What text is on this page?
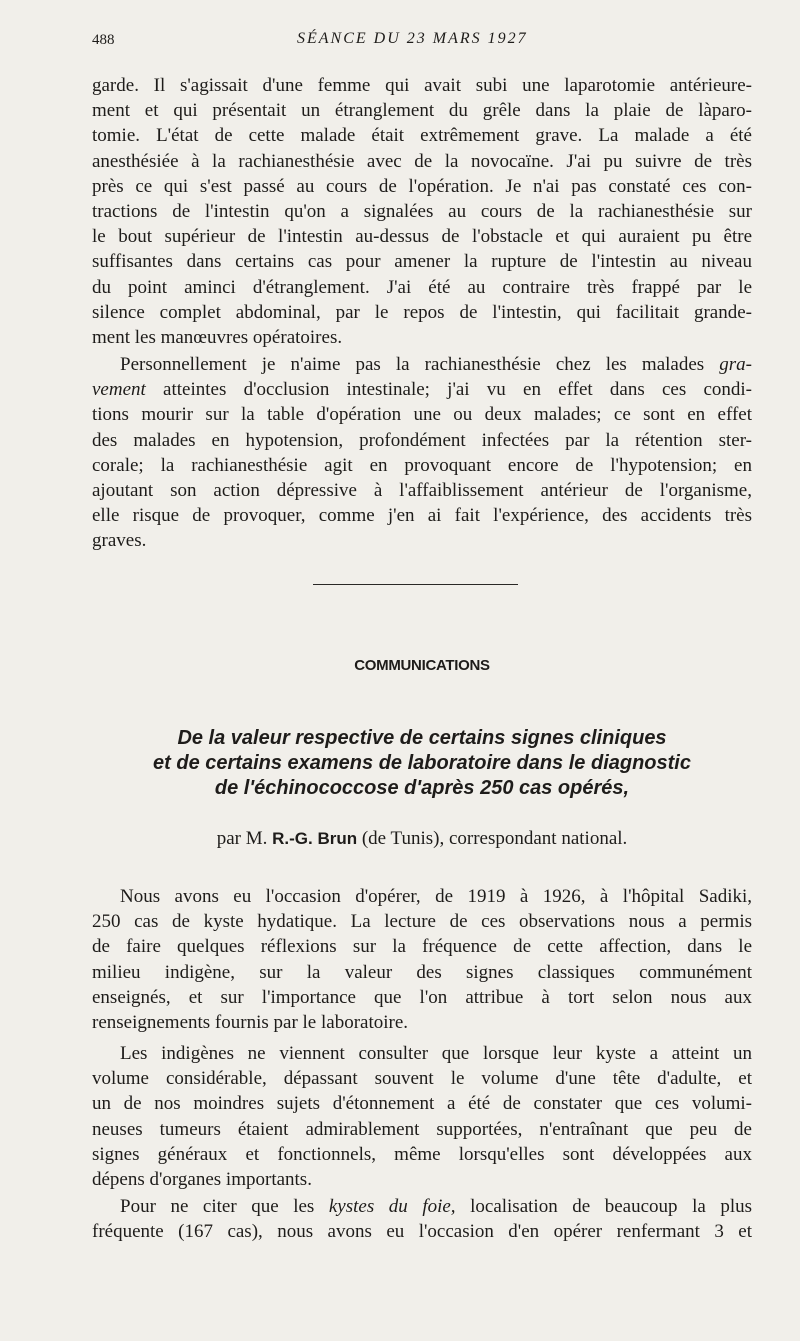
488	SÉANCE DU 23 MARS 1927

garde. Il s'agissait d'une femme qui avait subi une laparotomie antérieure-
ment et qui présentait un étranglement du grêle dans la plaie de làparo-
tomie. L'état de cette malade était extrêmement grave. La malade a été
anesthésiée à la rachianesthésie avec de la novocaïne. J'ai pu suivre de très
près ce qui s'est passé au cours de l'opération. Je n'ai pas constaté ces con-
tractions de l'intestin qu'on a signalées au cours de la rachianesthésie sur
le bout supérieur de l'intestin au-dessus de l'obstacle et qui auraient pu être
suffisantes dans certains cas pour amener la rupture de l'intestin au niveau
du point aminci d'étranglement. J'ai été au contraire très frappé par le
silence complet abdominal, par le repos de l'intestin, qui facilitait grande-
ment les manœuvres opératoires.

Personnellement je n'aime pas la rachianesthésie chez les malades gra-
vement atteintes d'occlusion intestinale; j'ai vu en effet dans ces condi-
tions mourir sur la table d'opération une ou deux malades; ce sont en effet
des malades en hypotension, profondément infectées par la rétention ster-
corale; la rachianesthésie agit en provoquant encore de l'hypotension; en
ajoutant son action dépressive à l'affaiblissement antérieur de l'organisme,
elle risque de provoquer, comme j'en ai fait l'expérience, des accidents très
graves.

COMMUNICATIONS
De la valeur respective de certains signes cliniques
et de certains examens de laboratoire dans le diagnostic
de l'échinococcose d'après 250 cas opérés,
par M. R.-G. Brun (de Tunis), correspondant national.

Nous avons eu l'occasion d'opérer, de 1919 à 1926, à l'hôpital Sadiki,
250 cas de kyste hydatique. La lecture de ces observations nous a permis
de faire quelques réflexions sur la fréquence de cette affection, dans le
milieu indigène, sur la valeur des signes classiques communément
enseignés, et sur l'importance que l'on attribue à tort selon nous aux
renseignements fournis par le laboratoire.

Les indigènes ne viennent consulter que lorsque leur kyste a atteint un
volume considérable, dépassant souvent le volume d'une tête d'adulte, et
un de nos moindres sujets d'étonnement a été de constater que ces volumi-
neuses tumeurs étaient admirablement supportées, n'entraînant que peu de
signes généraux et fonctionnels, même lorsqu'elles sont développées aux
dépens d'organes importants.

Pour ne citer que les kystes du foie, localisation de beaucoup la plus
fréquente (167 cas), nous avons eu l'occasion d'en opérer renfermant 3 et
